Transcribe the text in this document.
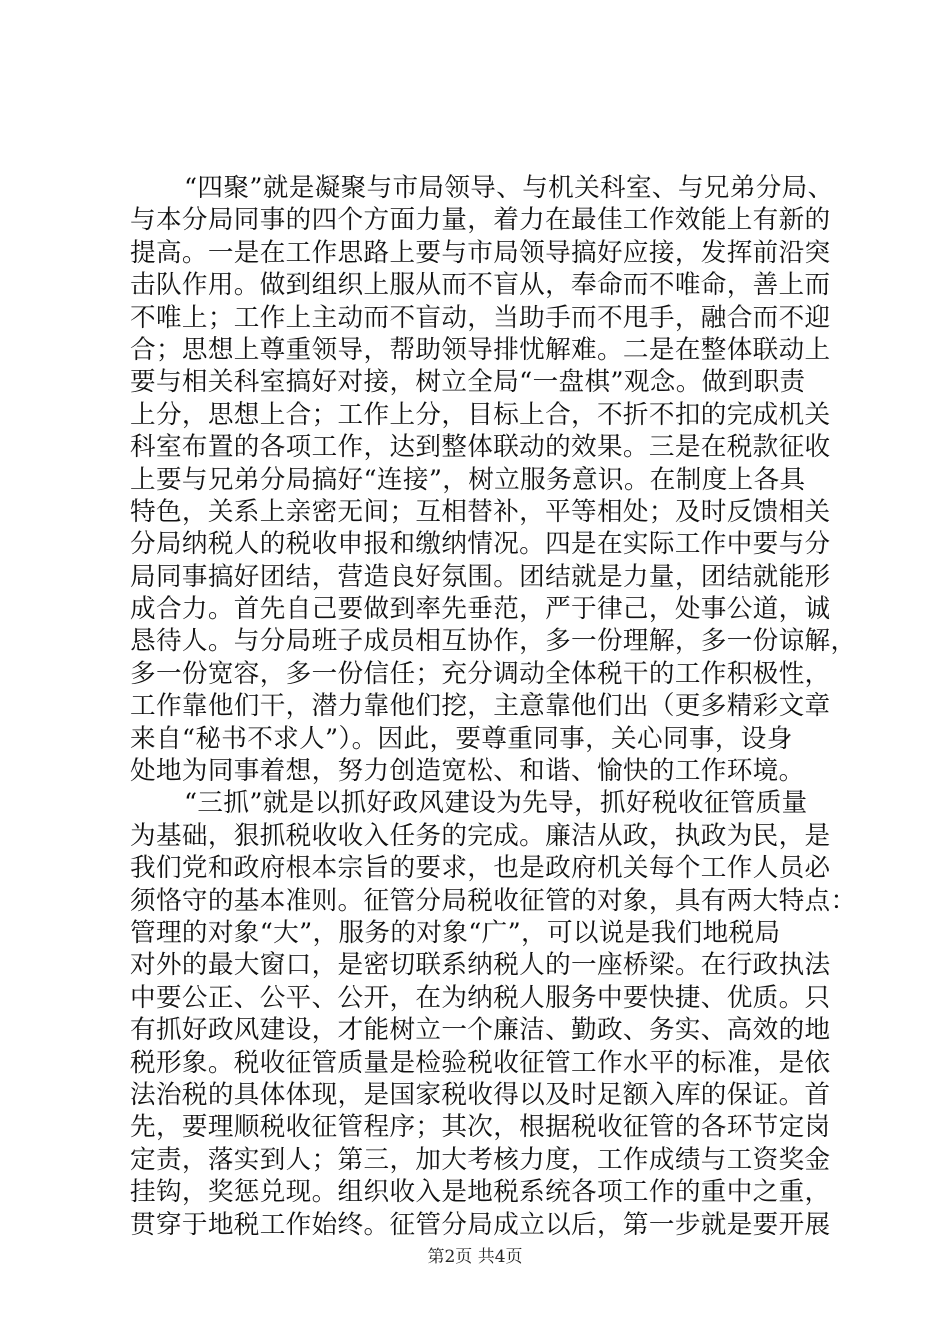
“四聚”就是凝聚与市局领导、与机关科室、与兄弟分局、
与本分局同事的四个方面力量，着力在最佳工作效能上有新的
提高。一是在工作思路上要与市局领导搞好应接，发挥前沿突
击队作用。做到组织上服从而不盲从，奉命而不唯命，善上而
不唯上；工作上主动而不盲动，当助手而不甩手，融合而不迎
合；思想上尊重领导，帮助领导排忧解难。二是在整体联动上
要与相关科室搞好对接，树立全局“一盘棋”观念。做到职责
上分，思想上合；工作上分，目标上合，不折不扣的完成机关
科室布置的各项工作，达到整体联动的效果。三是在税款征收
上要与兄弟分局搞好“连接”，树立服务意识。在制度上各具
特色，关系上亲密无间；互相替补，平等相处；及时反馈相关
分局纳税人的税收申报和缴纳情况。四是在实际工作中要与分
局同事搞好团结，营造良好氛围。团结就是力量，团结就能形
成合力。首先自己要做到率先垂范，严于律己，处事公道，诚
恳待人。与分局班子成员相互协作，多一份理解，多一份谅解，
多一份宽容，多一份信任；充分调动全体税干的工作积极性，
工作靠他们干，潜力靠他们挖，主意靠他们出（更多精彩文章
来自“秘书不求人”）。因此，要尊重同事，关心同事，设身
处地为同事着想，努力创造宽松、和谐、愉快的工作环境。
“三抓”就是以抓好政风建设为先导，抓好税收征管质量
为基础，狠抓税收收入任务的完成。廉洁从政，执政为民，是
我们党和政府根本宗旨的要求，也是政府机关每个工作人员必
须恪守的基本准则。征管分局税收征管的对象，具有两大特点：
管理的对象“大”，服务的对象“广”，可以说是我们地税局
对外的最大窗口，是密切联系纳税人的一座桥梁。在行政执法
中要公正、公平、公开，在为纳税人服务中要快捷、优质。只
有抓好政风建设，才能树立一个廉洁、勤政、务实、高效的地
税形象。税收征管质量是检验税收征管工作水平的标准，是依
法治税的具体体现，是国家税收得以及时足额入库的保证。首
先，要理顺税收征管程序；其次，根据税收征管的各环节定岗
定责，落实到人；第三，加大考核力度，工作成绩与工资奖金
挂钩，奖惩兑现。组织收入是地税系统各项工作的重中之重，
贯穿于地税工作始终。征管分局成立以后，第一步就是要开展
第2页 共4页
